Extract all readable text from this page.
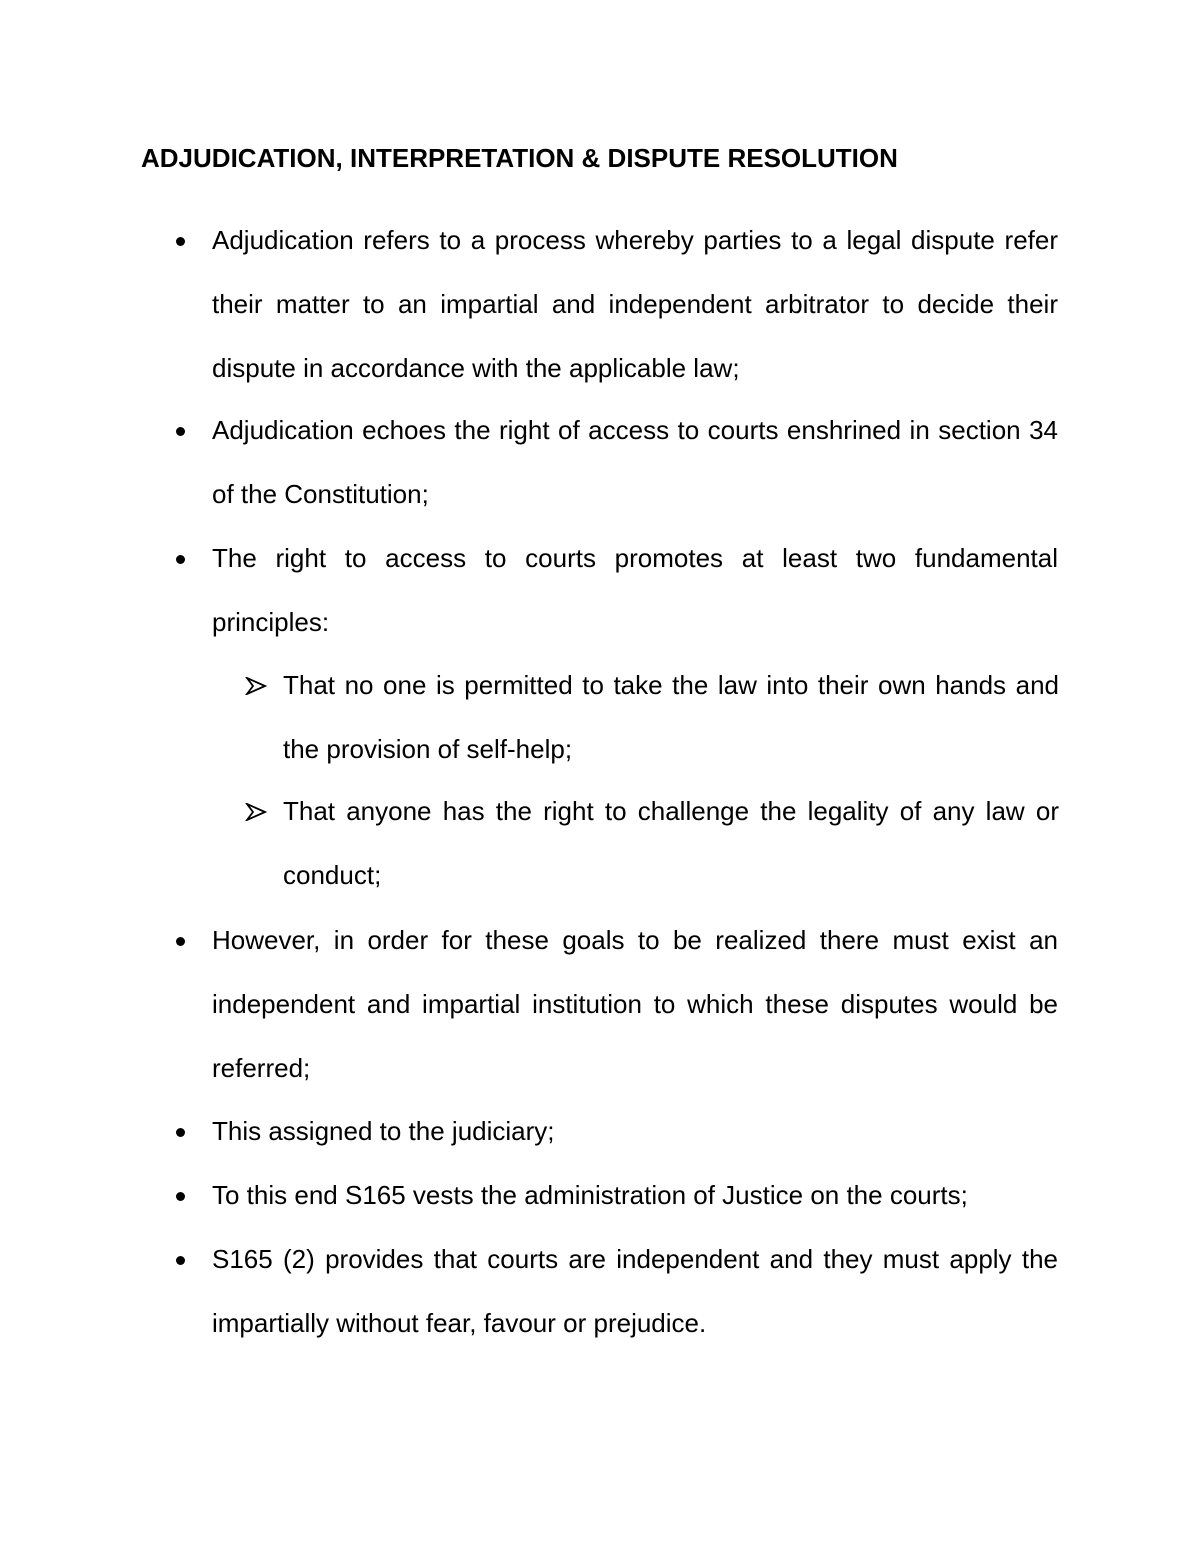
ADJUDICATION, INTERPRETATION & DISPUTE RESOLUTION

Adjudication refers to a process whereby parties to a legal dispute refer their matter to an impartial and independent arbitrator to decide their dispute in accordance with the applicable law;

Adjudication echoes the right of access to courts enshrined in section 34 of the Constitution;

The right to access to courts promotes at least two fundamental principles:

That no one is permitted to take the law into their own hands and the provision of self-help;

That anyone has the right to challenge the legality of any law or conduct;

However, in order for these goals to be realized there must exist an independent and impartial institution to which these disputes would be referred;

This assigned to the judiciary;

To this end S165 vests the administration of Justice on the courts;

S165 (2) provides that courts are independent and they must apply the impartially without fear, favour or prejudice.
